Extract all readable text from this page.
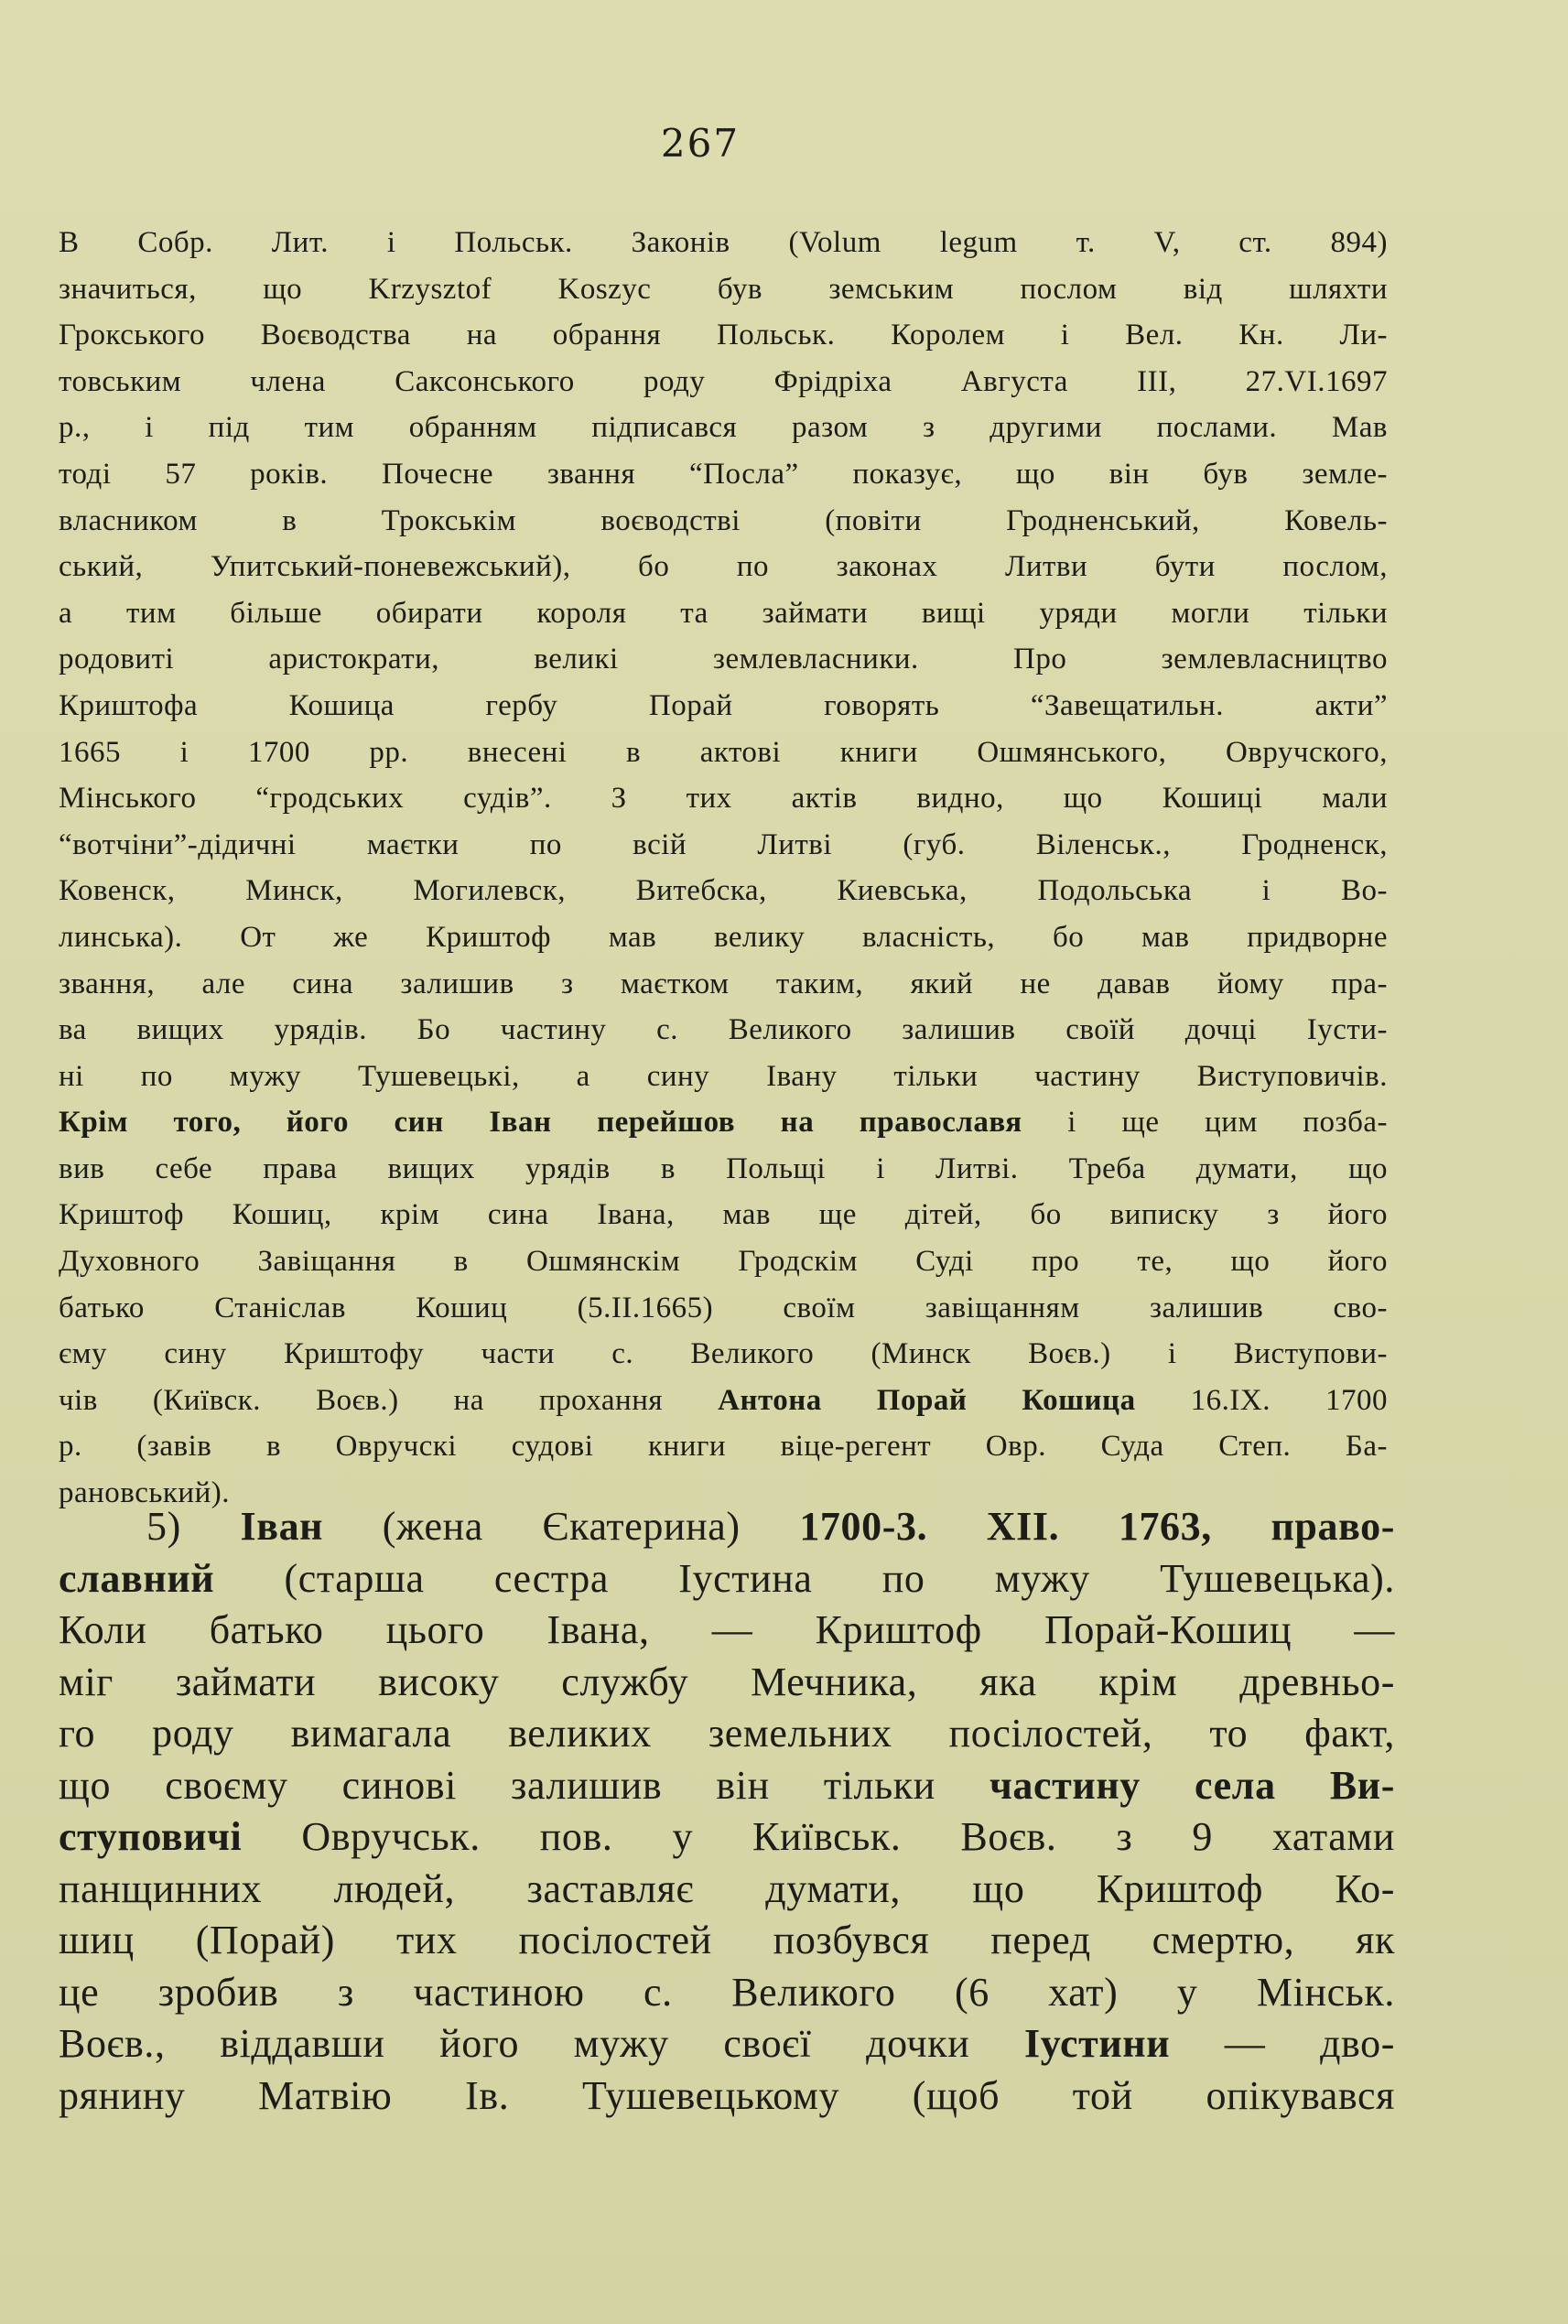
267
В Собр. Лит. і Польськ. Законів (Volum legum т. V, ст. 894)
значиться, що Krzysztof Koszyc був земським послом від шляхти
Грокського Воєводства на обрання Польськ. Королем і Вел. Кн. Ли-
товським члена Саксонського роду Фрідріха Августа ІІІ, 27.VI.1697
р., і під тим обранням підписався разом з другими послами. Мав
тоді 57 років. Почесне звання “Посла” показує, що він був земле-
власником в Трокськім воєводстві (повіти Гродненський, Ковель-
ський, Упитський-поневежський), бо по законах Литви бути послом,
а тим більше обирати короля та займати вищі уряди могли тільки
родовиті аристократи, великі землевласники. Про землевласництво
Криштофа Кошица гербу Порай говорять “Завещатильн. акти”
1665 і 1700 рр. внесені в актові книги Ошмянського, Овручского,
Мінського “гродських судів”. З тих актів видно, що Кошиці мали
“вотчіни”-дідичні маєтки по всій Литві (губ. Віленськ., Гродненск,
Ковенск, Минск, Могилевск, Витебска, Киевська, Подольська і Во-
линська). От же Криштоф мав велику власність, бо мав придворне
звання, але сина залишив з маєтком таким, який не давав йому пра-
ва вищих урядів. Бо частину с. Великого залишив своїй дочці Іусти-
ні по мужу Тушевецькі, а сину Івану тільки частину Виступовичів.
Крім того, його син Іван перейшов на православя і ще цим позба-
вив себе права вищих урядів в Польщі і Литві. Треба думати, що
Криштоф Кошиц, крім сина Івана, мав ще дітей, бо виписку з його
Духовного Завіщання в Ошмянскім Гродскім Суді про те, що його
батько Станіслав Кошиц (5.ІІ.1665) своїм завіщанням залишив сво-
єму сину Криштофу части с. Великого (Минск Воєв.) і Виступови-
чів (Київск. Воєв.) на прохання Антона Порай Кошица 16.IX. 1700
р. (завів в Овручскі судові книги віце-регент Овр. Суда Степ. Ба-
рановський).
5) Іван (жена Єкатерина) 1700-3. XII. 1763, право-
славний (старша сестра Іустина по мужу Тушевецька).
Коли батько цього Івана, — Криштоф Порай-Кошиц —
міг займати високу службу Мечника, яка крім древньо-
го роду вимагала великих земельних посілостей, то факт,
що своєму синові залишив він тільки частину села Ви-
ступовичі Овручськ. пов. у Київськ. Воєв. з 9 хатами
панщинних людей, заставляє думати, що Криштоф Ко-
шиц (Порай) тих посілостей позбувся перед смертю, як
це зробив з частиною с. Великого (6 хат) у Мінськ.
Воєв., віддавши його мужу своєї дочки Іустини — дво-
рянину Матвію Ів. Тушевецькому (щоб той опікувався
